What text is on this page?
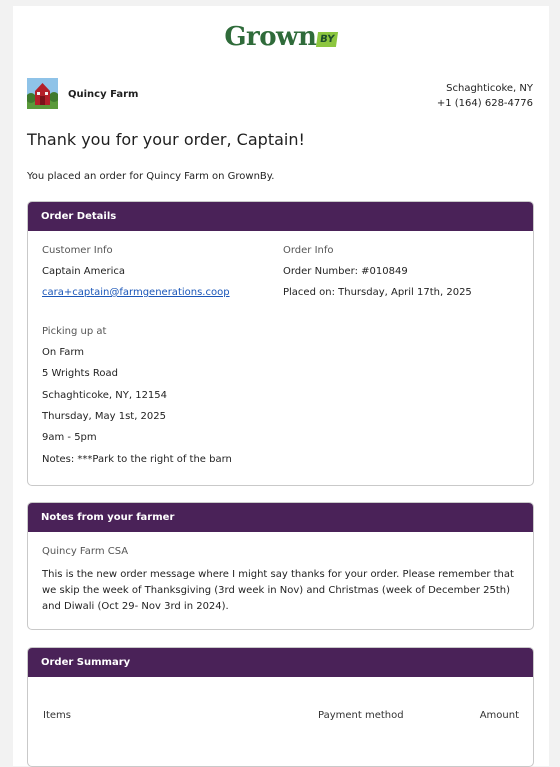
Grown BY
Quincy Farm
Schaghticoke, NY
+1 (164) 628-4776
Thank you for your order, Captain!
You placed an order for Quincy Farm on GrownBy.
Order Details
Customer Info
Captain America
cara+captain@farmgenerations.coop
Order Info
Order Number: #010849
Placed on: Thursday, April 17th, 2025
Picking up at
On Farm
5 Wrights Road
Schaghticoke, NY, 12154
Thursday, May 1st, 2025
9am - 5pm
Notes: ***Park to the right of the barn
Notes from your farmer
Quincy Farm CSA
This is the new order message where I might say thanks for your order. Please remember that we skip the week of Thanksgiving (3rd week in Nov) and Christmas (week of December 25th) and Diwali (Oct 29- Nov 3rd in 2024).
Order Summary
Items	Payment method	Amount
